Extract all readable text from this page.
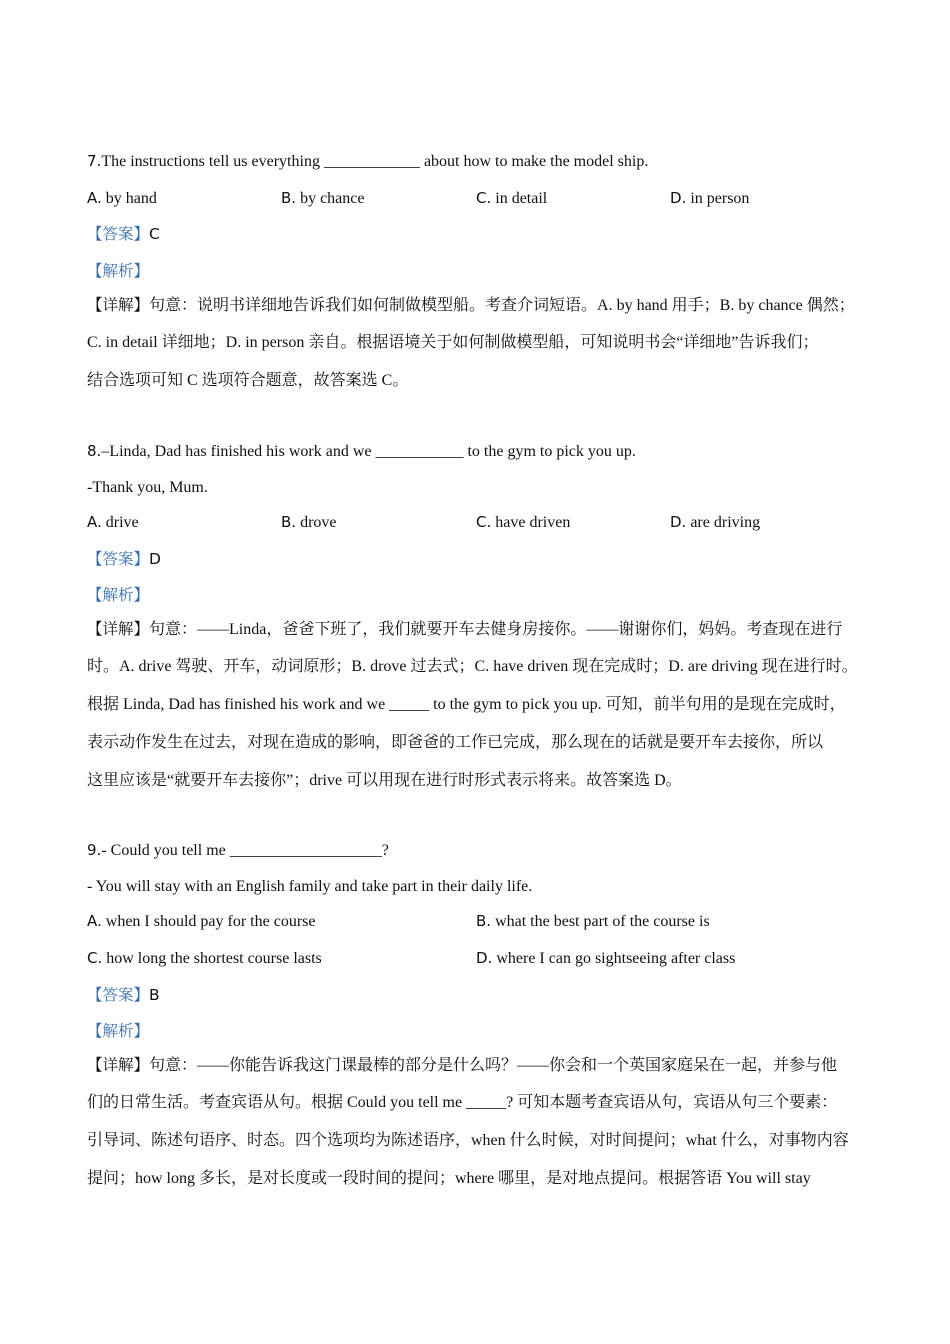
7.The instructions tell us everything ____________ about how to make the model ship.
A. by hand	B. by chance	C. in detail	D. in person
【答案】C
【解析】
【详解】句意：说明书详细地告诉我们如何制做模型船。考查介词短语。A. by hand 用手；B. by chance 偶然；
C. in detail 详细地；D. in person 亲自。根据语境关于如何制做模型船，可知说明书会“详细地”告诉我们；
结合选项可知 C 选项符合题意，故答案选 C。
8.–Linda, Dad has finished his work and we ___________ to the gym to pick you up.
-Thank you, Mum.
A. drive	B. drove	C. have driven	D. are driving
【答案】D
【解析】
【详解】句意：——Linda，爸爸下班了，我们就要开车去健身房接你。——谢谢你们，妈妈。考查现在进行
时。A. drive 驾驶、开车，动词原形；B. drove 过去式；C. have driven 现在完成时；D. are driving 现在进行时。
根据 Linda, Dad has finished his work and we _____ to the gym to pick you up. 可知，前半句用的是现在完成时，
表示动作发生在过去，对现在造成的影响，即爸爸的工作已完成，那么现在的话就是要开车去接你，所以
这里应该是“就要开车去接你”；drive 可以用现在进行时形式表示将来。故答案选 D。
9.- Could you tell me ___________________?
- You will stay with an English family and take part in their daily life.
A. when I should pay for the course	B. what the best part of the course is
C. how long the shortest course lasts	D. where I can go sightseeing after class
【答案】B
【解析】
【详解】句意：——你能告诉我这门课最棒的部分是什么吗？——你会和一个英国家庭呆在一起，并参与他
们的日常生活。考查宾语从句。根据 Could you tell me _____? 可知本题考查宾语从句，宾语从句三个要素：
引导词、陈述句语序、时态。四个选项均为陈述语序，when 什么时候，对时间提问；what 什么，对事物内容
提问；how long 多长，是对长度或一段时间的提问；where 哪里，是对地点提问。根据答语 You will stay
